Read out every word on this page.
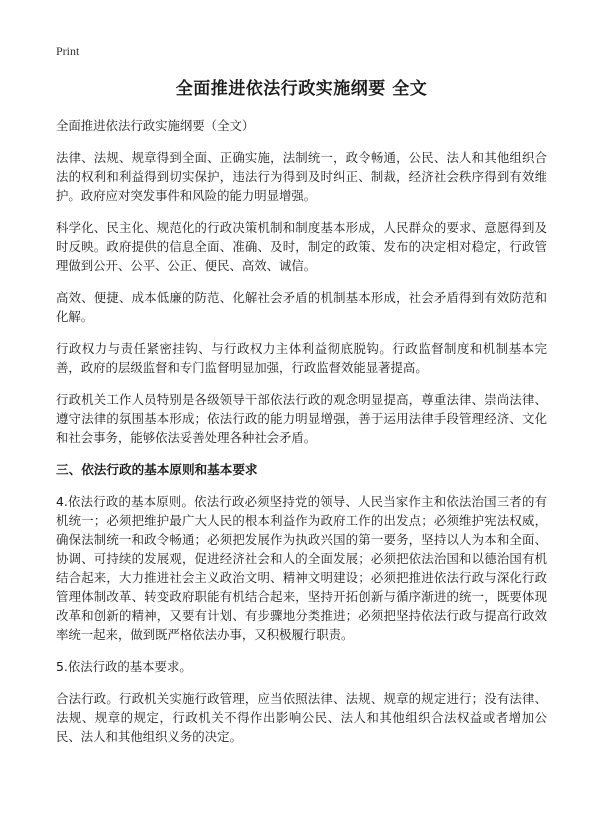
Print
全面推进依法行政实施纲要 全文
全面推进依法行政实施纲要（全文）

法律、法规、规章得到全面、正确实施，法制统一，政令畅通，公民、法人和其他组织合法的权利和利益得到切实保护，违法行为得到及时纠正、制裁，经济社会秩序得到有效维护。政府应对突发事件和风险的能力明显增强。

科学化、民主化、规范化的行政决策机制和制度基本形成，人民群众的要求、意愿得到及时反映。政府提供的信息全面、准确、及时，制定的政策、发布的决定相对稳定，行政管理做到公开、公平、公正、便民、高效、诚信。

高效、便捷、成本低廉的防范、化解社会矛盾的机制基本形成，社会矛盾得到有效防范和化解。

行政权力与责任紧密挂钩、与行政权力主体利益彻底脱钩。行政监督制度和机制基本完善，政府的层级监督和专门监督明显加强，行政监督效能显著提高。

行政机关工作人员特别是各级领导干部依法行政的观念明显提高，尊重法律、崇尚法律、遵守法律的氛围基本形成；依法行政的能力明显增强，善于运用法律手段管理经济、文化和社会事务，能够依法妥善处理各种社会矛盾。

三、依法行政的基本原则和基本要求

4.依法行政的基本原则。依法行政必须坚持党的领导、人民当家作主和依法治国三者的有机统一；必须把维护最广大人民的根本利益作为政府工作的出发点；必须维护宪法权威，确保法制统一和政令畅通；必须把发展作为执政兴国的第一要务，坚持以人为本和全面、协调、可持续的发展观，促进经济社会和人的全面发展；必须把依法治国和以德治国有机结合起来，大力推进社会主义政治文明、精神文明建设；必须把推进依法行政与深化行政管理体制改革、转变政府职能有机结合起来，坚持开拓创新与循序渐进的统一，既要体现改革和创新的精神，又要有计划、有步骤地分类推进；必须把坚持依法行政与提高行政效率统一起来，做到既严格依法办事，又积极履行职责。

5.依法行政的基本要求。

合法行政。行政机关实施行政管理，应当依照法律、法规、规章的规定进行；没有法律、法规、规章的规定，行政机关不得作出影响公民、法人和其他组织合法权益或者增加公民、法人和其他组织义务的决定。
